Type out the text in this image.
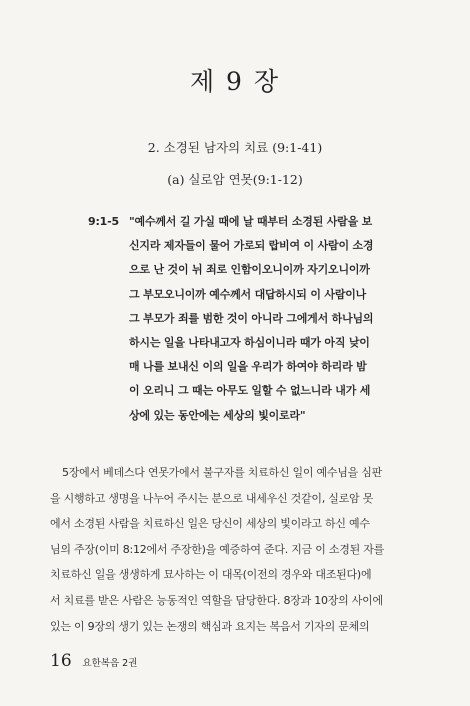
제 9 장
2. 소경된 남자의 치료 (9:1-41)
(a) 실로암 연못(9:1-12)
9:1-5 "예수께서 길 가실 때에 날 때부터 소경된 사람을 보
신지라 제자들이 물어 가로되 랍비여 이 사람이 소경
으로 난 것이 뉘 죄로 인함이오니이까 자기오니이까
그 부모오니이까 예수께서 대답하시되 이 사람이나
그 부모가 죄를 범한 것이 아니라 그에게서 하나님의
하시는 일을 나타내고자 하심이니라 때가 아직 낮이
매 나를 보내신 이의 일을 우리가 하여야 하리라 밤
이 오리니 그 때는 아무도 일할 수 없느니라 내가 세
상에 있는 동안에는 세상의 빛이로라"
5장에서 베데스다 연못가에서 불구자를 치료하신 일이 예수님을 심판
을 시행하고 생명을 나누어 주시는 분으로 내세우신 것같이, 실로암 못
에서 소경된 사람을 치료하신 일은 당신이 세상의 빛이라고 하신 예수
님의 주장(이미 8:12에서 주장한)을 예증하여 준다. 지금 이 소경된 자를
치료하신 일을 생생하게 묘사하는 이 대목(이전의 경우와 대조된다)에
서 치료를 받은 사람은 능동적인 역할을 담당한다. 8장과 10장의 사이에
있는 이 9장의 생기 있는 논쟁의 핵심과 요지는 복음서 기자의 문체의
16 요한복음 2권
